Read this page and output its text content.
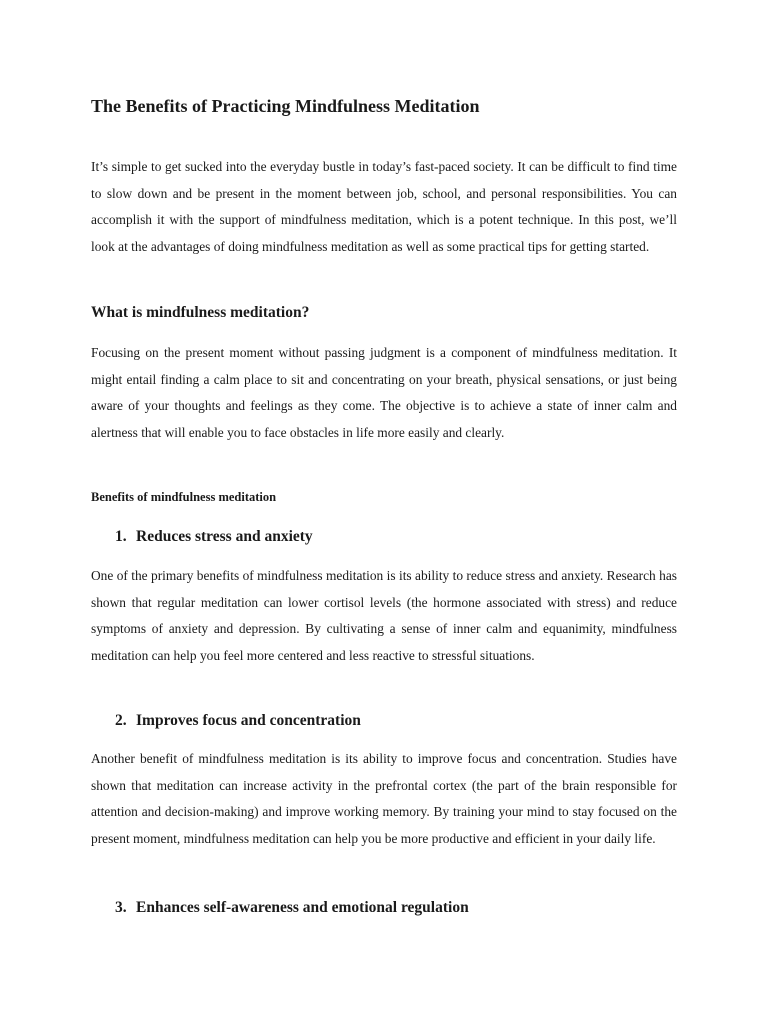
The Benefits of Practicing Mindfulness Meditation

It’s simple to get sucked into the everyday bustle in today’s fast-paced society. It can be difficult to find time to slow down and be present in the moment between job, school, and personal responsibilities. You can accomplish it with the support of mindfulness meditation, which is a potent technique. In this post, we’ll look at the advantages of doing mindfulness meditation as well as some practical tips for getting started.

What is mindfulness meditation?

Focusing on the present moment without passing judgment is a component of mindfulness meditation. It might entail finding a calm place to sit and concentrating on your breath, physical sensations, or just being aware of your thoughts and feelings as they come. The objective is to achieve a state of inner calm and alertness that will enable you to face obstacles in life more easily and clearly.

Benefits of mindfulness meditation
1. Reduces stress and anxiety

One of the primary benefits of mindfulness meditation is its ability to reduce stress and anxiety. Research has shown that regular meditation can lower cortisol levels (the hormone associated with stress) and reduce symptoms of anxiety and depression. By cultivating a sense of inner calm and equanimity, mindfulness meditation can help you feel more centered and less reactive to stressful situations.

2. Improves focus and concentration

Another benefit of mindfulness meditation is its ability to improve focus and concentration. Studies have shown that meditation can increase activity in the prefrontal cortex (the part of the brain responsible for attention and decision-making) and improve working memory. By training your mind to stay focused on the present moment, mindfulness meditation can help you be more productive and efficient in your daily life.

3. Enhances self-awareness and emotional regulation
